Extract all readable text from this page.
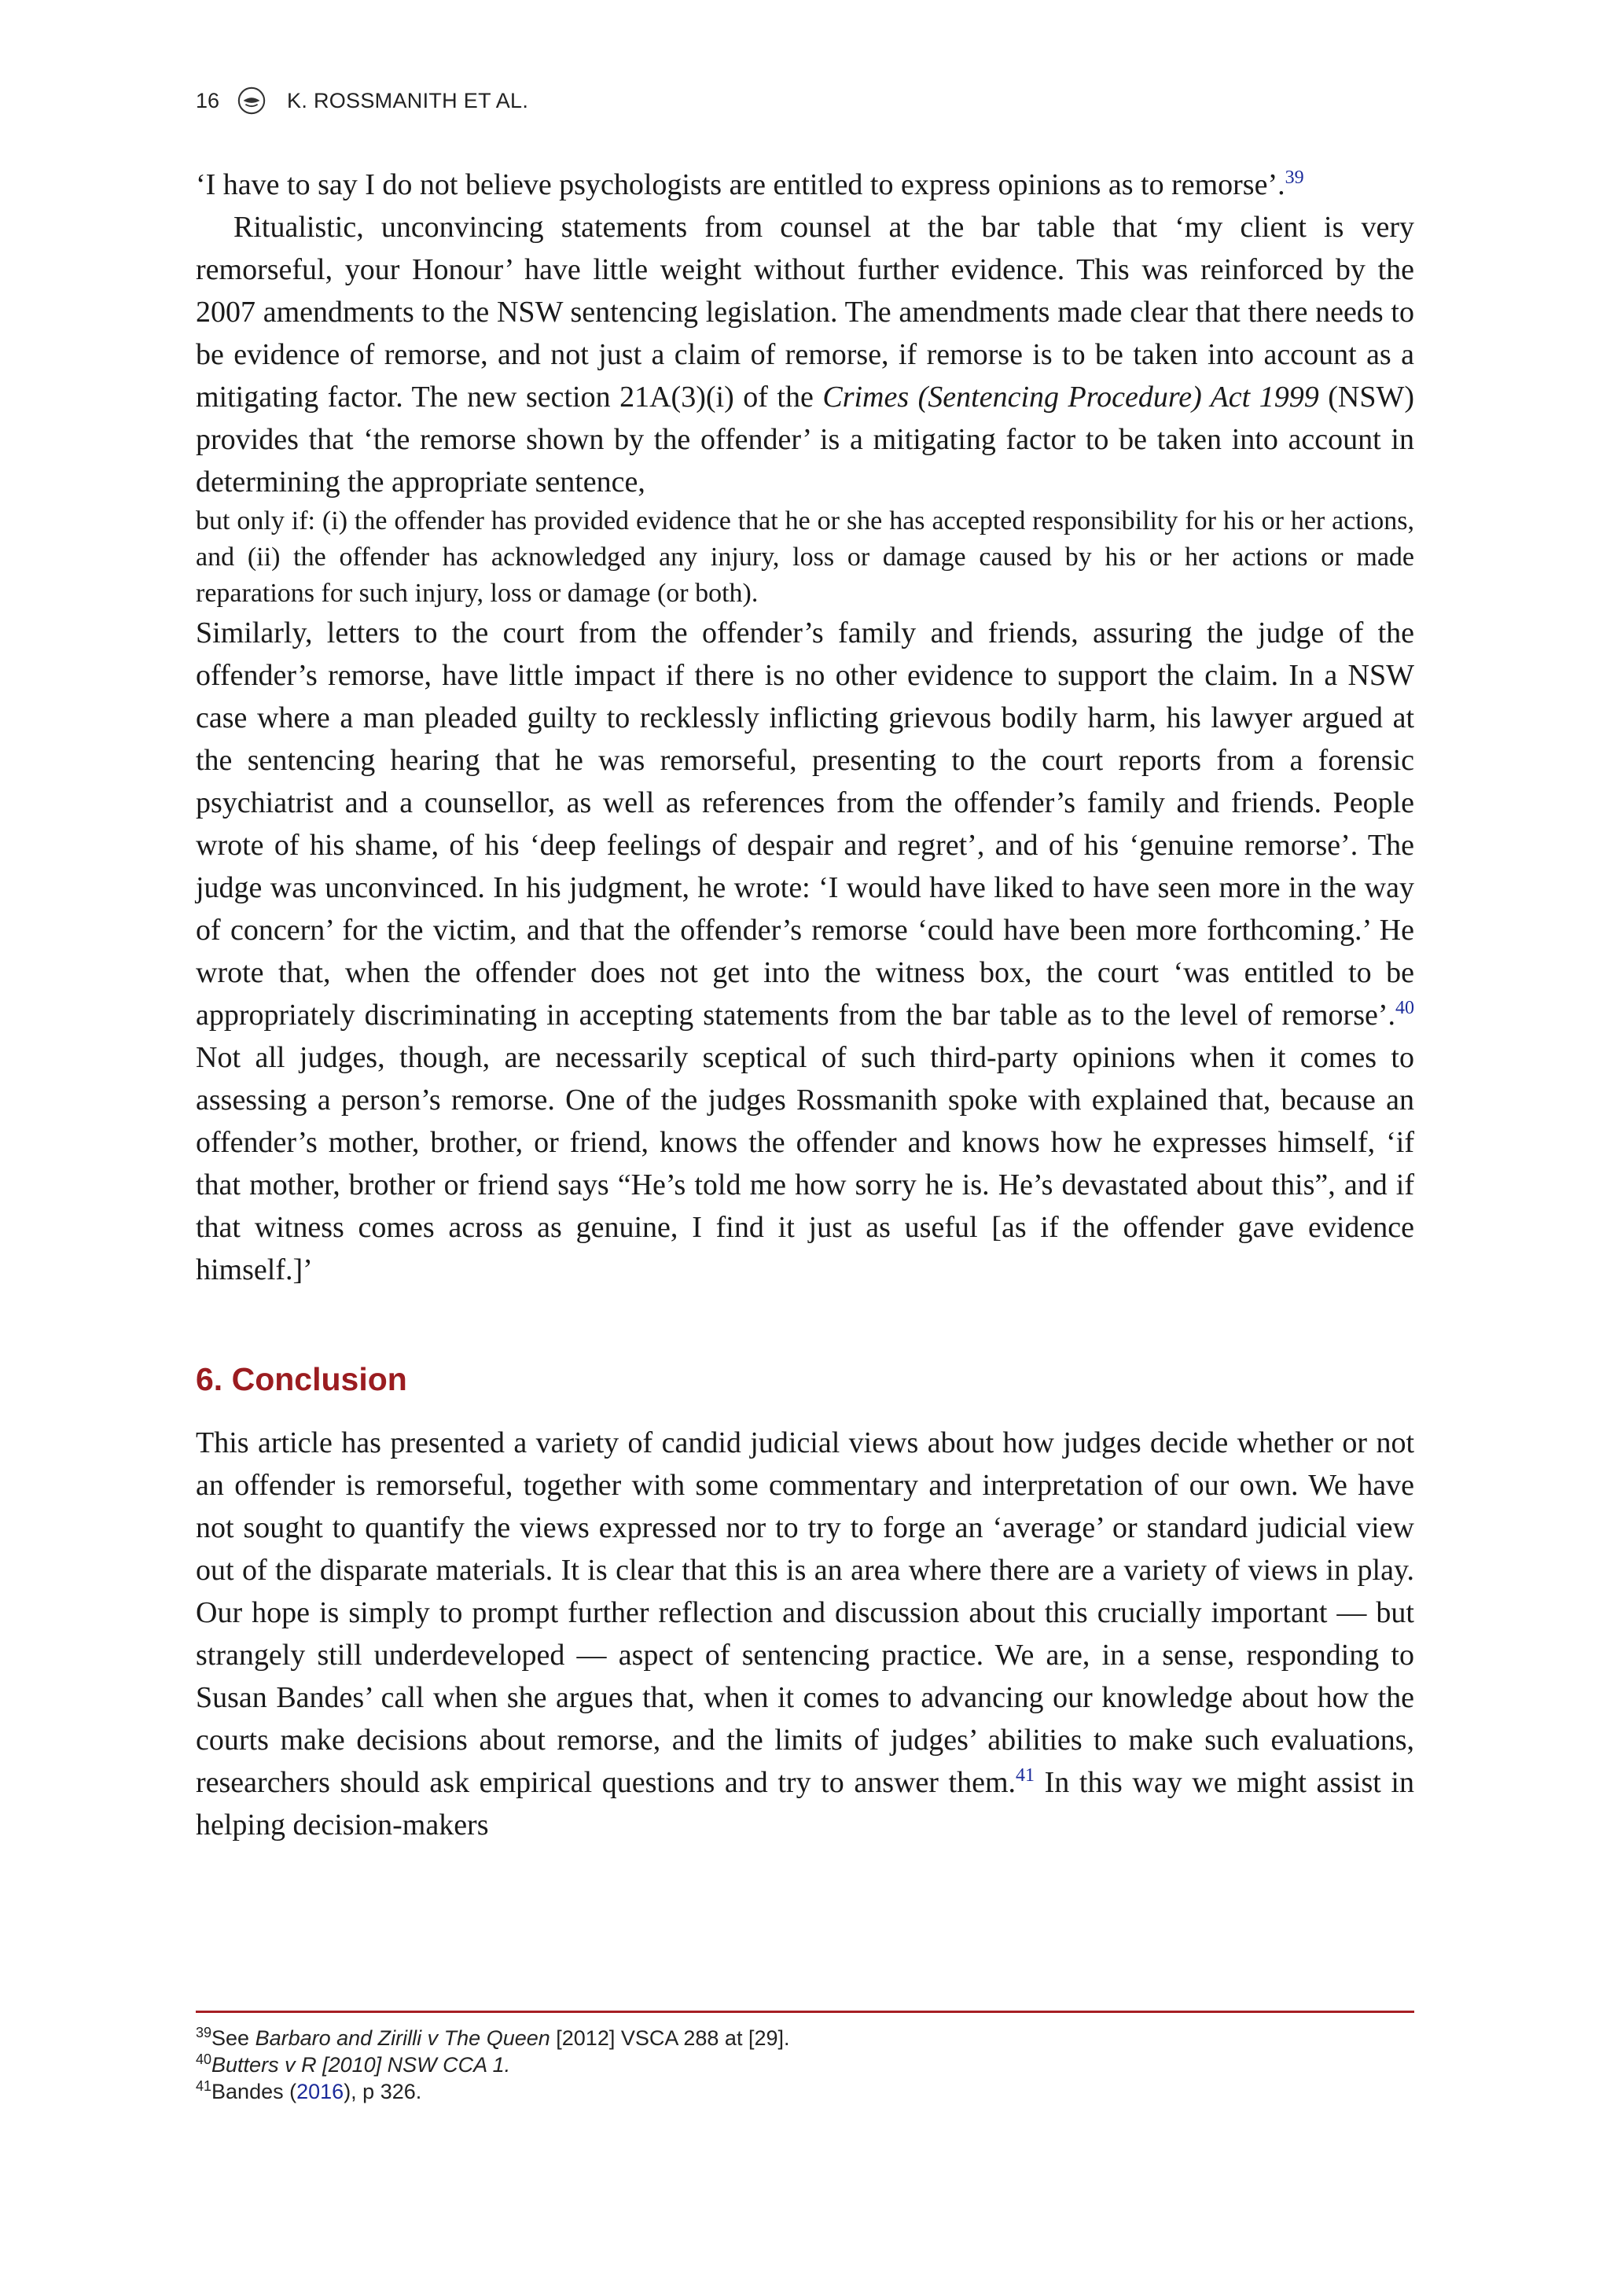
16	K. ROSSMANITH ET AL.

‘I have to say I do not believe psychologists are entitled to express opinions as to remorse’.$^{39}$

Ritualistic, unconvincing statements from counsel at the bar table that ‘my client is very remorseful, your Honour’ have little weight without further evidence. This was reinforced by the 2007 amendments to the NSW sentencing legislation. The amendments made clear that there needs to be evidence of remorse, and not just a claim of remorse, if remorse is to be taken into account as a mitigating factor. The new section 21A(3)(i) of the Crimes (Sentencing Procedure) Act 1999 (NSW) provides that ‘the remorse shown by the offender’ is a mitigating factor to be taken into account in determining the appropriate sentence,

but only if: (i) the offender has provided evidence that he or she has accepted responsibility for his or her actions, and (ii) the offender has acknowledged any injury, loss or damage caused by his or her actions or made reparations for such injury, loss or damage (or both).

Similarly, letters to the court from the offender’s family and friends, assuring the judge of the offender’s remorse, have little impact if there is no other evidence to support the claim. In a NSW case where a man pleaded guilty to recklessly inflicting grievous bodily harm, his lawyer argued at the sentencing hearing that he was remorseful, presenting to the court reports from a forensic psychiatrist and a counsellor, as well as references from the offender’s family and friends. People wrote of his shame, of his ‘deep feelings of despair and regret’, and of his ‘genuine remorse’. The judge was unconvinced. In his judgment, he wrote: ‘I would have liked to have seen more in the way of concern’ for the victim, and that the offender’s remorse ‘could have been more forthcoming.’ He wrote that, when the offender does not get into the witness box, the court ‘was entitled to be appropriately discriminating in accepting statements from the bar table as to the level of remorse’.$^{40}$ Not all judges, though, are necessarily sceptical of such third-party opinions when it comes to assessing a person’s remorse. One of the judges Rossmanith spoke with explained that, because an offender’s mother, brother, or friend, knows the offender and knows how he expresses himself, ‘if that mother, brother or friend says “He’s told me how sorry he is. He’s devastated about this”, and if that witness comes across as genuine, I find it just as useful [as if the offender gave evidence himself.]’

6. Conclusion

This article has presented a variety of candid judicial views about how judges decide whether or not an offender is remorseful, together with some commentary and interpretation of our own. We have not sought to quantify the views expressed nor to try to forge an ‘average’ or standard judicial view out of the disparate materials. It is clear that this is an area where there are a variety of views in play. Our hope is simply to prompt further reflection and discussion about this crucially important — but strangely still underdeveloped — aspect of sentencing practice. We are, in a sense, responding to Susan Bandes’ call when she argues that, when it comes to advancing our knowledge about how the courts make decisions about remorse, and the limits of judges’ abilities to make such evaluations, researchers should ask empirical questions and try to answer them.$^{41}$ In this way we might assist in helping decision-makers

$^{39}$See Barbaro and Zirilli v The Queen [2012] VSCA 288 at [29].

$^{40}$Butters v R [2010] NSW CCA 1.

$^{41}$Bandes (2016), p 326.
